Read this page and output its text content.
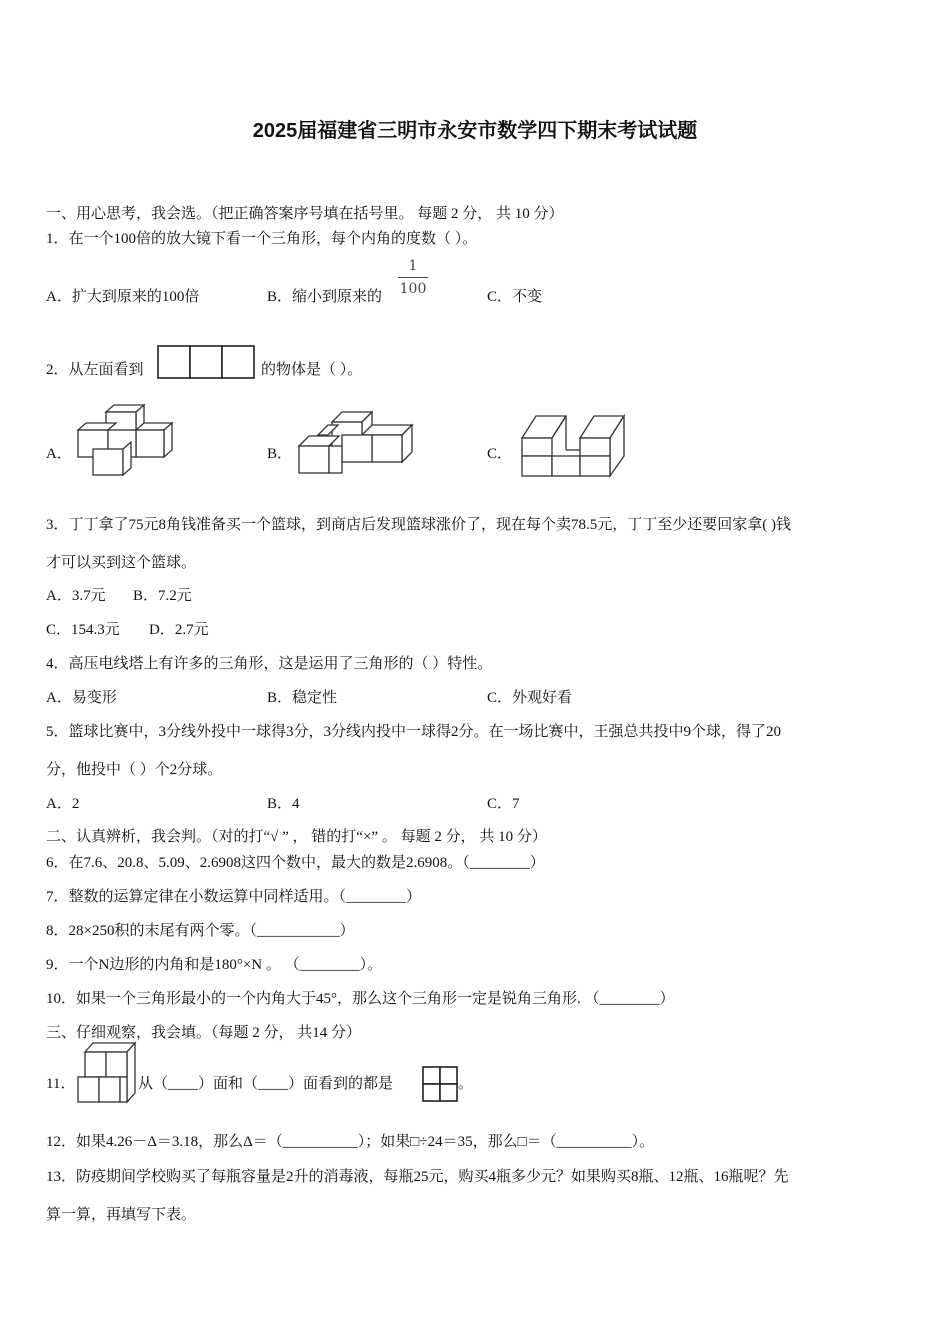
2025届福建省三明市永安市数学四下期末考试试题
一、用心思考，我会选。（把正确答案序号填在括号里。 每题 2 分， 共 10 分）
1．在一个100倍的放大镜下看一个三角形，每个内角的度数（ ）。
A．扩大到原来的100倍	B．缩小到原来的
1
100	C．不变
2．从左面看到	的物体是（ ）。
A．	B．	C．
3．丁丁拿了75元8角钱准备买一个篮球，到商店后发现篮球涨价了，现在每个卖78.5元，丁丁至少还要回家拿( )钱
才可以买到这个篮球。
A．3.7元 B．7.2元
C．154.3元 D．2.7元
4．高压电线塔上有许多的三角形，这是运用了三角形的（ ）特性。
A．易变形	B．稳定性	C．外观好看
5．篮球比赛中，3分线外投中一球得3分，3分线内投中一球得2分。在一场比赛中，王强总共投中9个球，得了20
分，他投中（ ）个2分球。
A．2	B．4	C．7
二、认真辨析，我会判。（对的打“√ ” ， 错的打“×” 。 每题 2 分， 共 10 分）
6．在7.6、20.8、5.09、2.6908这四个数中，最大的数是2.6908。（________）
7．整数的运算定律在小数运算中同样适用。（________）
8．28×250积的末尾有两个零。（___________）
9．一个N边形的内角和是180°×N 。 （________）。
10．如果一个三角形最小的一个内角大于45°，那么这个三角形一定是锐角三角形. （________）
三、仔细观察，我会填。（每题 2 分， 共14 分）
11．	从（____）面和（____）面看到的都是	。
12．如果4.26－Δ＝3.18，那么Δ＝（__________）；如果□÷24＝35，那么□＝（__________）。
13．防疫期间学校购买了每瓶容量是2升的消毒液，每瓶25元，购买4瓶多少元？如果购买8瓶、12瓶、16瓶呢？先
算一算，再填写下表。
